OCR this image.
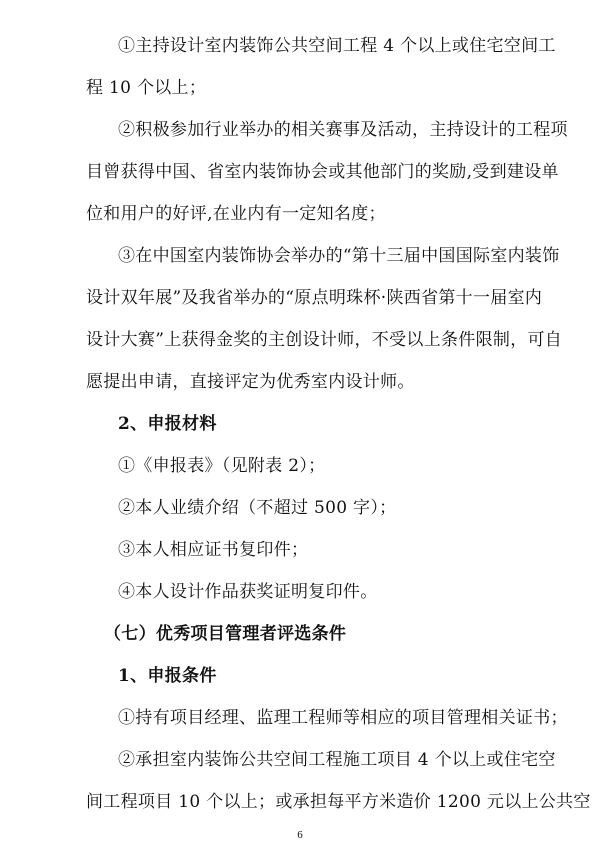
①主持设计室内装饰公共空间工程 4 个以上或住宅空间工
程 10 个以上；
②积极参加行业举办的相关赛事及活动，主持设计的工程项
目曾获得中国、省室内装饰协会或其他部门的奖励,受到建设单
位和用户的好评,在业内有一定知名度；
③在中国室内装饰协会举办的“第十三届中国国际室内装饰
设计双年展”及我省举办的“原点明珠杯·陕西省第十一届室内
设计大赛”上获得金奖的主创设计师，不受以上条件限制，可自
愿提出申请，直接评定为优秀室内设计师。
2、申报材料
①《申报表》（见附表 2）；
②本人业绩介绍（不超过 500 字）；
③本人相应证书复印件；
④本人设计作品获奖证明复印件。
（七）优秀项目管理者评选条件
1、申报条件
①持有项目经理、监理工程师等相应的项目管理相关证书；
②承担室内装饰公共空间工程施工项目 4 个以上或住宅空
间工程项目 10 个以上；或承担每平方米造价 1200 元以上公共空
6
